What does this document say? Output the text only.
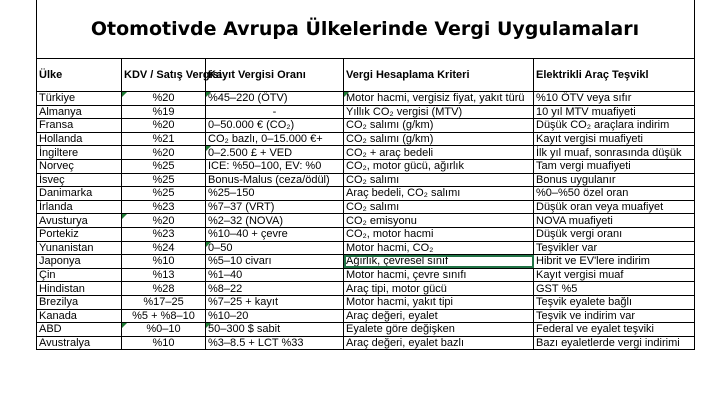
Otomotivde Avrupa Ülkelerinde Vergi Uygulamaları
Ülke	KDV / Satış Vergisi	Kayıt Vergisi Oranı	Vergi Hesaplama Kriteri	Elektrikli Araç Teşvikl
Türkiye	%20	%45–220 (ÖTV)	Motor hacmi, vergisiz fiyat, yakıt türü	%10 ÖTV veya sıfır
Almanya	%19	-	Yıllık CO₂ vergisi (MTV)	10 yıl MTV muafiyeti
Fransa	%20	0–50.000 € (CO₂)	CO₂ salımı (g/km)	Düşük CO₂ araçlara indirim
Hollanda	%21	CO₂ bazlı, 0–15.000 €+	CO₂ salımı (g/km)	Kayıt vergisi muafiyeti
İngiltere	%20	0–2.500 £ + VED	CO₂ + araç bedeli	İlk yıl muaf, sonrasında düşük
Norveç	%25	ICE: %50–100, EV: %0	CO₂, motor gücü, ağırlık	Tam vergi muafiyeti
İsveç	%25	Bonus-Malus (ceza/ödül)	CO₂ salımı	Bonus uygulanır
Danimarka	%25	%25–150	Araç bedeli, CO₂ salımı	%0–%50 özel oran
İrlanda	%23	%7–37 (VRT)	CO₂ salımı	Düşük oran veya muafiyet
Avusturya	%20	%2–32 (NOVA)	CO₂ emisyonu	NOVA muafiyeti
Portekiz	%23	%10–40 + çevre	CO₂, motor hacmi	Düşük vergi oranı
Yunanistan	%24	0–50	Motor hacmi, CO₂	Teşvikler var
Japonya	%10	%5–10 civarı	Ağırlık, çevresel sınıf	Hibrit ve EV'lere indirim
Çin	%13	%1–40	Motor hacmi, çevre sınıfı	Kayıt vergisi muaf
Hindistan	%28	%8–22	Araç tipi, motor gücü	GST %5
Brezilya	%17–25	%7–25 + kayıt	Motor hacmi, yakıt tipi	Teşvik eyalete bağlı
Kanada	%5 + %8–10	%10–20	Araç değeri, eyalet	Teşvik ve indirim var
ABD	%0–10	50–300 $ sabit	Eyalete göre değişken	Federal ve eyalet teşviki
Avustralya	%10	%3–8.5 + LCT %33	Araç değeri, eyalet bazlı	Bazı eyaletlerde vergi indirimi
